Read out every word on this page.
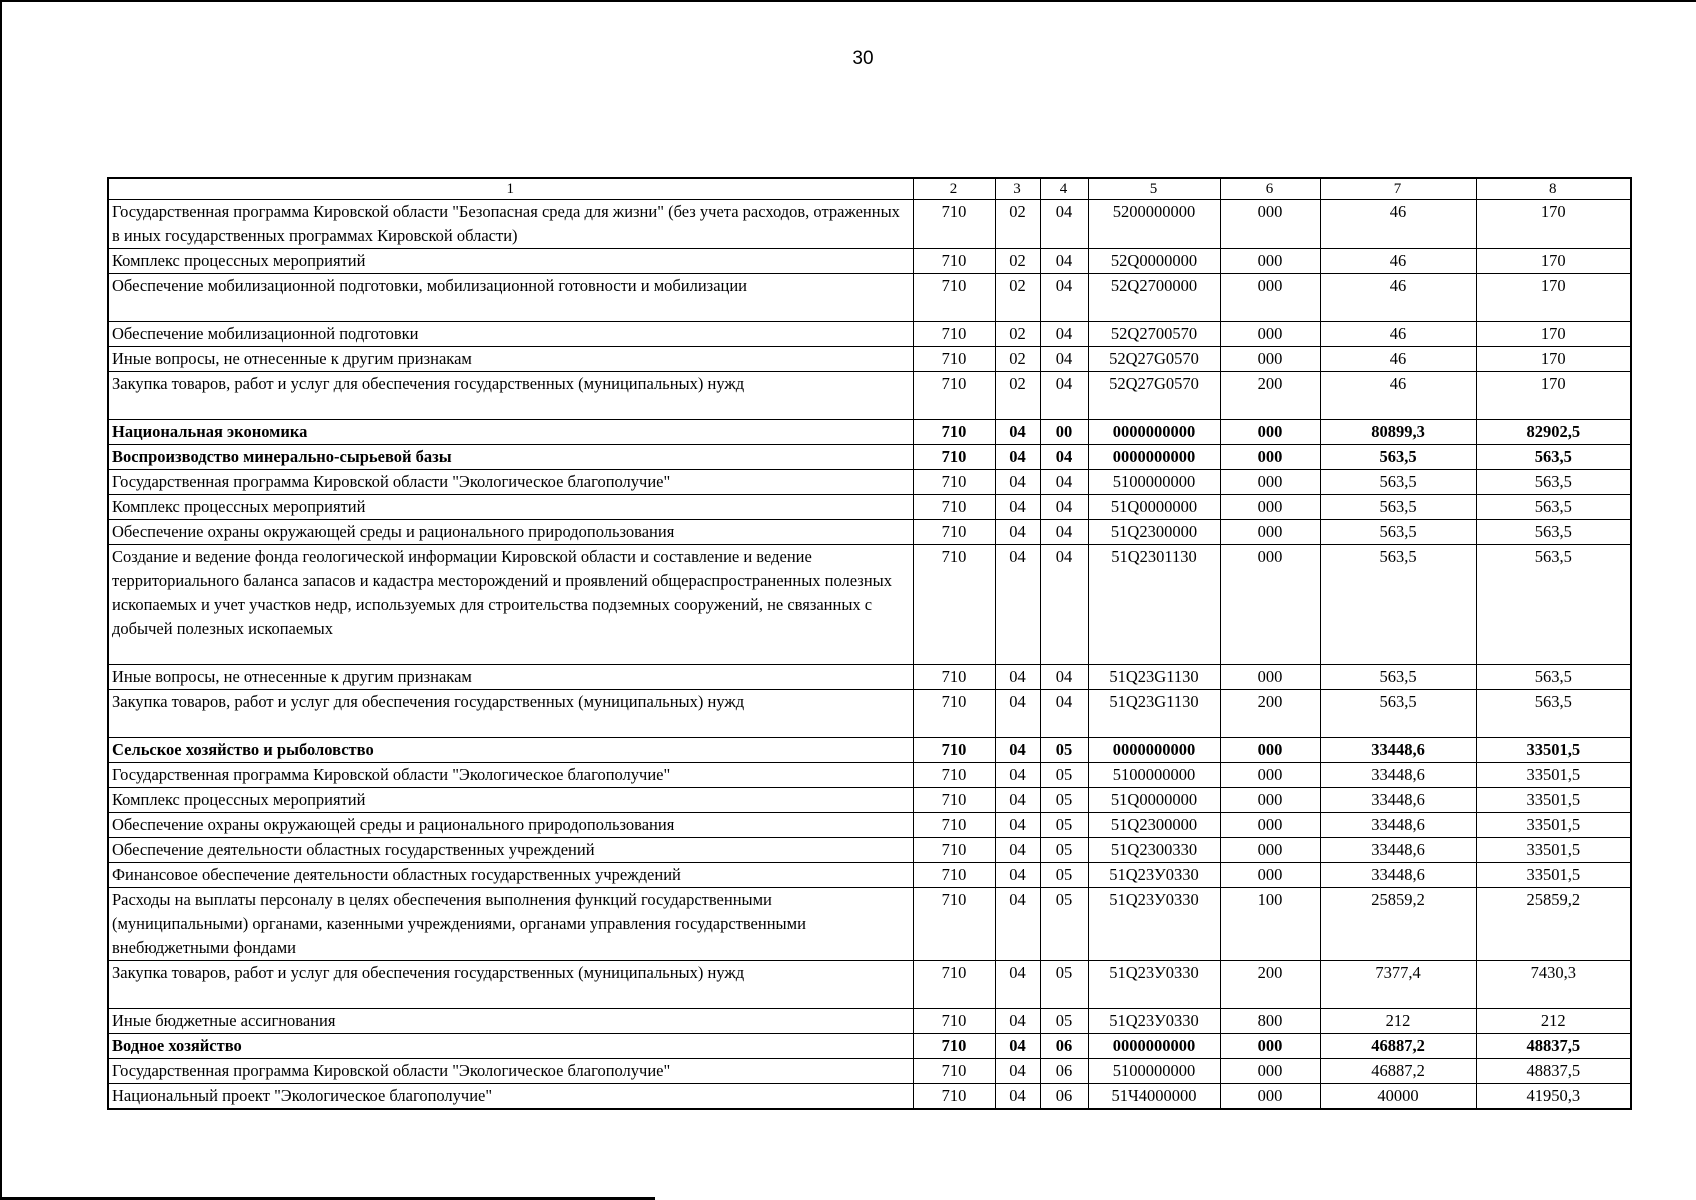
30
1	2	3	4	5	6	7	8
Государственная программа Кировской области "Безопасная среда для жизни" (без учета расходов, отраженных в иных государственных программах Кировской области)	710	02	04	5200000000	000	46	170
Комплекс процессных мероприятий	710	02	04	52Q0000000	000	46	170
Обеспечение мобилизационной подготовки, мобилизационной готовности и мобилизации	710	02	04	52Q2700000	000	46	170
Обеспечение мобилизационной подготовки	710	02	04	52Q2700570	000	46	170
Иные вопросы, не отнесенные к другим признакам	710	02	04	52Q27G0570	000	46	170
Закупка товаров, работ и услуг для обеспечения государственных (муниципальных) нужд	710	02	04	52Q27G0570	200	46	170
Национальная экономика	710	04	00	0000000000	000	80899,3	82902,5
Воспроизводство минерально-сырьевой базы	710	04	04	0000000000	000	563,5	563,5
Государственная программа Кировской области "Экологическое благополучие"	710	04	04	5100000000	000	563,5	563,5
Комплекс процессных мероприятий	710	04	04	51Q0000000	000	563,5	563,5
Обеспечение охраны окружающей среды и рационального природопользования	710	04	04	51Q2300000	000	563,5	563,5
Создание и ведение фонда геологической информации Кировской области и составление и ведение территориального баланса запасов и кадастра месторождений и проявлений общераспространенных полезных ископаемых и учет участков недр, используемых для строительства подземных сооружений, не связанных с добычей полезных ископаемых	710	04	04	51Q2301130	000	563,5	563,5
Иные вопросы, не отнесенные к другим признакам	710	04	04	51Q23G1130	000	563,5	563,5
Закупка товаров, работ и услуг для обеспечения государственных (муниципальных) нужд	710	04	04	51Q23G1130	200	563,5	563,5
Сельское хозяйство и рыболовство	710	04	05	0000000000	000	33448,6	33501,5
Государственная программа Кировской области "Экологическое благополучие"	710	04	05	5100000000	000	33448,6	33501,5
Комплекс процессных мероприятий	710	04	05	51Q0000000	000	33448,6	33501,5
Обеспечение охраны окружающей среды и рационального природопользования	710	04	05	51Q2300000	000	33448,6	33501,5
Обеспечение деятельности областных государственных учреждений	710	04	05	51Q2300330	000	33448,6	33501,5
Финансовое обеспечение деятельности областных государственных учреждений	710	04	05	51Q23У0330	000	33448,6	33501,5
Расходы на выплаты персоналу в целях обеспечения выполнения функций государственными (муниципальными) органами, казенными учреждениями, органами управления государственными внебюджетными фондами	710	04	05	51Q23У0330	100	25859,2	25859,2
Закупка товаров, работ и услуг для обеспечения государственных (муниципальных) нужд	710	04	05	51Q23У0330	200	7377,4	7430,3
Иные бюджетные ассигнования	710	04	05	51Q23У0330	800	212	212
Водное хозяйство	710	04	06	0000000000	000	46887,2	48837,5
Государственная программа Кировской области "Экологическое благополучие"	710	04	06	5100000000	000	46887,2	48837,5
Национальный проект "Экологическое благополучие"	710	04	06	51Ч4000000	000	40000	41950,3
